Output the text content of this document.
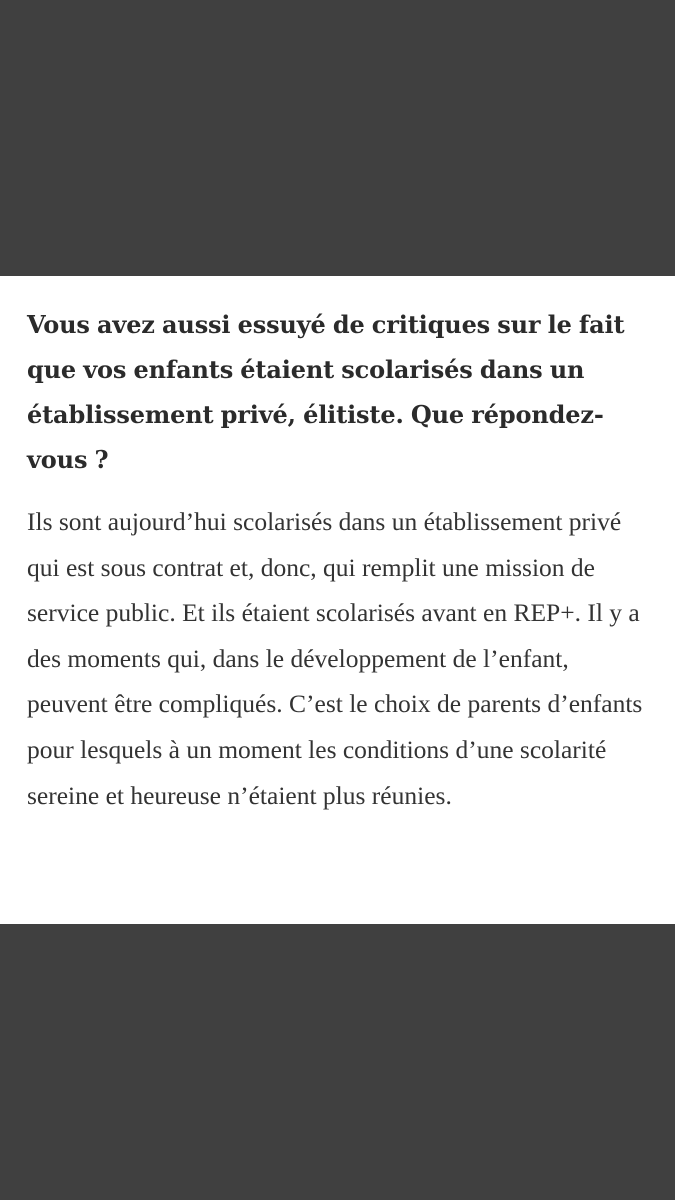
Vous avez aussi essuyé de critiques sur le fait que vos enfants étaient scolarisés dans un établissement privé, élitiste. Que répondez-vous ?

Ils sont aujourd’hui scolarisés dans un établissement privé qui est sous contrat et, donc, qui remplit une mission de service public. Et ils étaient scolarisés avant en REP+. Il y a des moments qui, dans le développement de l’enfant, peuvent être compliqués. C’est le choix de parents d’enfants pour lesquels à un moment les conditions d’une scolarité sereine et heureuse n’étaient plus réunies.
